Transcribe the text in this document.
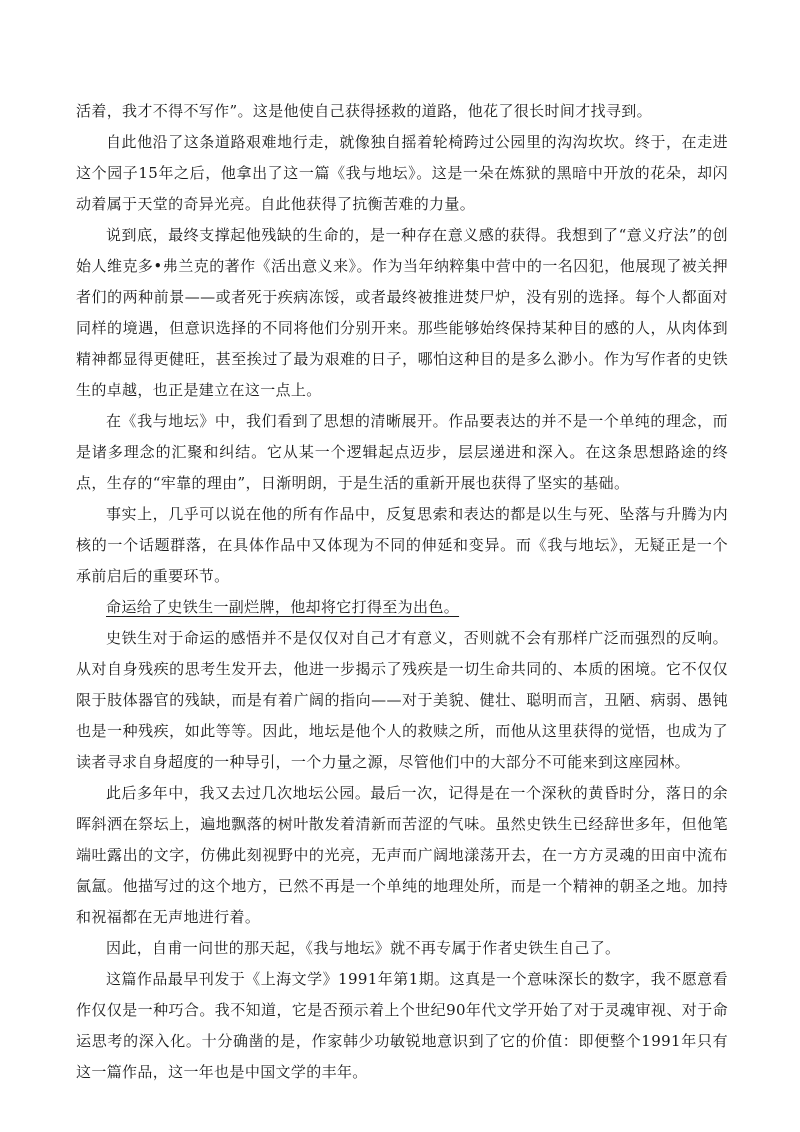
活着，我才不得不写作”。这是他使自己获得拯救的道路，他花了很长时间才找寻到。

自此他沿了这条道路艰难地行走，就像独自摇着轮椅跨过公园里的沟沟坎坎。终于，在走进这个园子15年之后，他拿出了这一篇《我与地坛》。这是一朵在炼狱的黑暗中开放的花朵，却闪动着属于天堂的奇异光亮。自此他获得了抗衡苦难的力量。

说到底，最终支撑起他残缺的生命的，是一种存在意义感的获得。我想到了“意义疗法”的创始人维克多•弗兰克的著作《活出意义来》。作为当年纳粹集中营中的一名囚犯，他展现了被关押者们的两种前景——或者死于疾病冻馁，或者最终被推进焚尸炉，没有别的选择。每个人都面对同样的境遇，但意识选择的不同将他们分别开来。那些能够始终保持某种目的感的人，从肉体到精神都显得更健旺，甚至挨过了最为艰难的日子，哪怕这种目的是多么渺小。作为写作者的史铁生的卓越，也正是建立在这一点上。

在《我与地坛》中，我们看到了思想的清晰展开。作品要表达的并不是一个单纯的理念，而是诸多理念的汇聚和纠结。它从某一个逻辑起点迈步，层层递进和深入。在这条思想路途的终点，生存的“牢靠的理由”，日渐明朗，于是生活的重新开展也获得了坚实的基础。

事实上，几乎可以说在他的所有作品中，反复思索和表达的都是以生与死、坠落与升腾为内核的一个话题群落，在具体作品中又体现为不同的伸延和变异。而《我与地坛》，无疑正是一个承前启后的重要环节。

命运给了史铁生一副烂牌，他却将它打得至为出色。

史铁生对于命运的感悟并不是仅仅对自己才有意义，否则就不会有那样广泛而强烈的反响。从对自身残疾的思考生发开去，他进一步揭示了残疾是一切生命共同的、本质的困境。它不仅仅限于肢体器官的残缺，而是有着广阔的指向——对于美貌、健壮、聪明而言，丑陋、病弱、愚钝也是一种残疾，如此等等。因此，地坛是他个人的救赎之所，而他从这里获得的觉悟，也成为了读者寻求自身超度的一种导引，一个力量之源，尽管他们中的大部分不可能来到这座园林。

此后多年中，我又去过几次地坛公园。最后一次，记得是在一个深秋的黄昏时分，落日的余晖斜洒在祭坛上，遍地飘落的树叶散发着清新而苦涩的气味。虽然史铁生已经辞世多年，但他笔端吐露出的文字，仿佛此刻视野中的光亮，无声而广阔地漾荡开去，在一方方灵魂的田亩中流布氤氲。他描写过的这个地方，已然不再是一个单纯的地理处所，而是一个精神的朝圣之地。加持和祝福都在无声地进行着。

因此，自甫一问世的那天起，《我与地坛》就不再专属于作者史铁生自己了。

这篇作品最早刊发于《上海文学》1991年第1期。这真是一个意味深长的数字，我不愿意看作仅仅是一种巧合。我不知道，它是否预示着上个世纪90年代文学开始了对于灵魂审视、对于命运思考的深入化。十分确凿的是，作家韩少功敏锐地意识到了它的价值：即便整个1991年只有这一篇作品，这一年也是中国文学的丰年。
